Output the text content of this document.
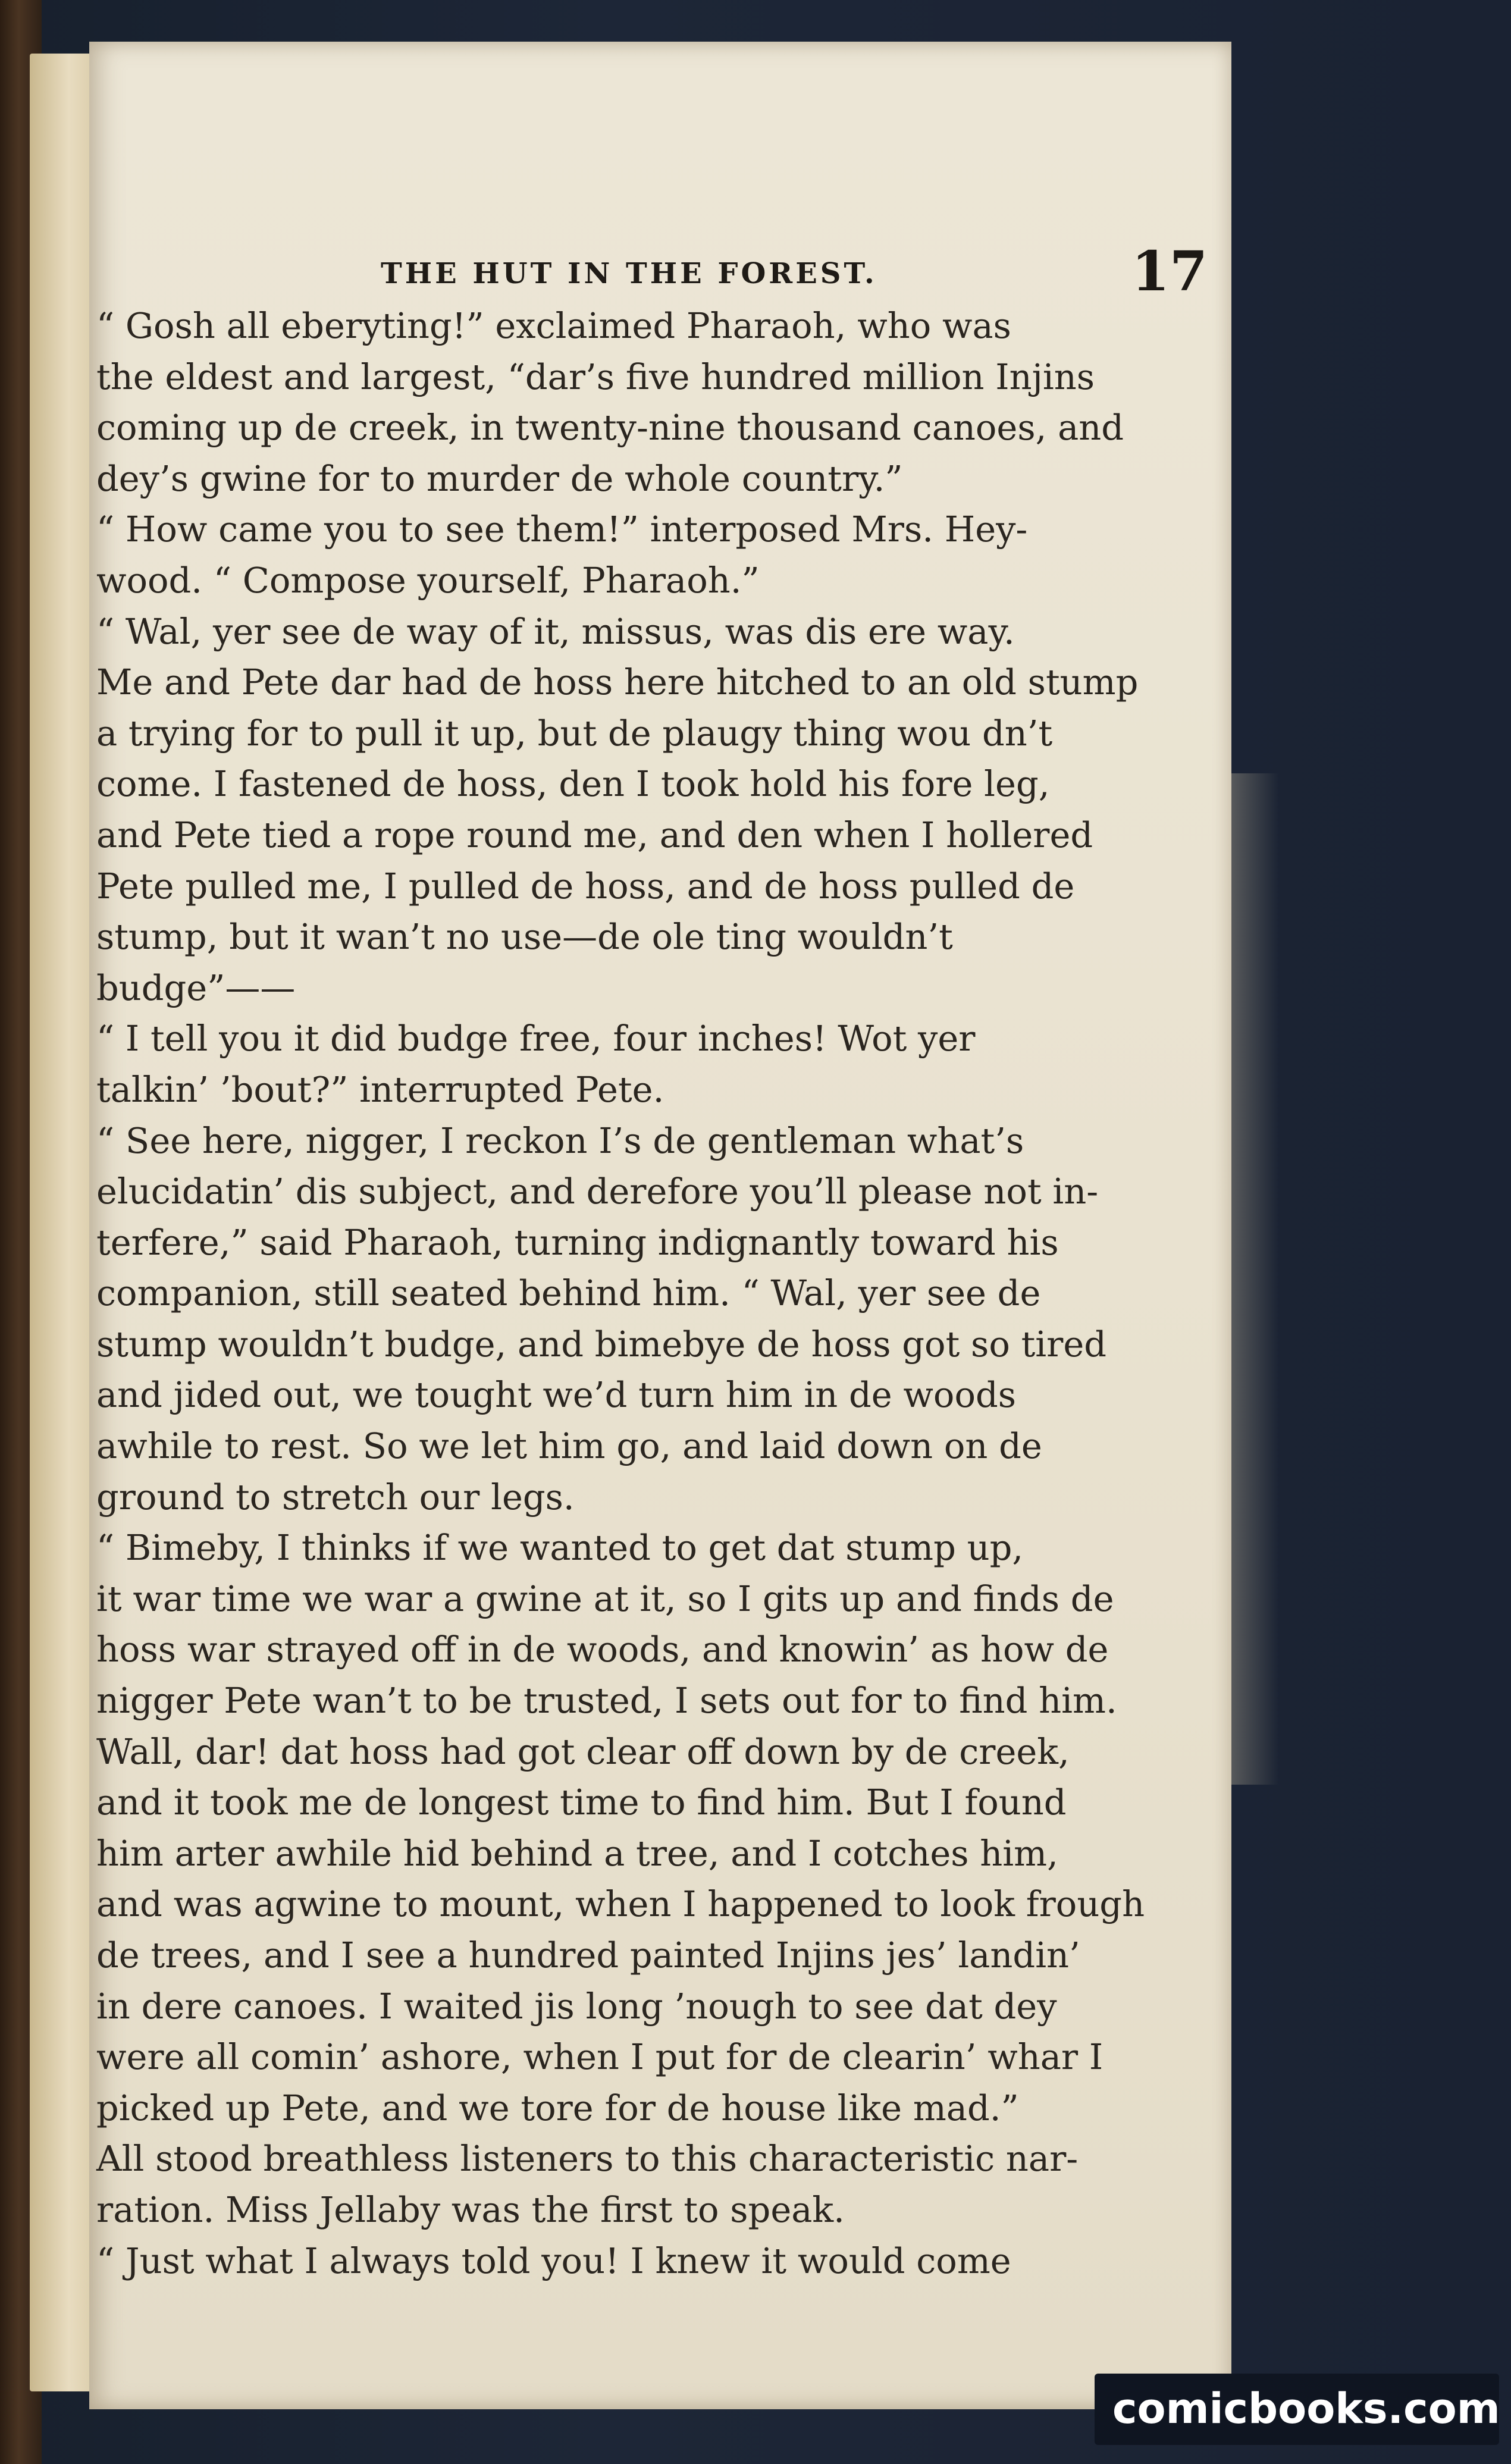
THE HUT IN THE FOREST.	17
“ Gosh all eberyting!” exclaimed Pharaoh, who was
the eldest and largest, “dar’s five hundred million Injins
coming up de creek, in twenty-nine thousand canoes, and
dey’s gwine for to murder de whole country.”
“ How came you to see them!” interposed Mrs. Hey-
wood. “ Compose yourself, Pharaoh.”
“ Wal, yer see de way of it, missus, was dis ere way.
Me and Pete dar had de hoss here hitched to an old stump
a trying for to pull it up, but de plaugy thing wou dn’t
come. I fastened de hoss, den I took hold his fore leg,
and Pete tied a rope round me, and den when I hollered
Pete pulled me, I pulled de hoss, and de hoss pulled de
stump, but it wan’t no use—de ole ting wouldn’t
budge”——
“ I tell you it did budge free, four inches! Wot yer
talkin’ ’bout?” interrupted Pete.
“ See here, nigger, I reckon I’s de gentleman what’s
elucidatin’ dis subject, and derefore you’ll please not in-
terfere,” said Pharaoh, turning indignantly toward his
companion, still seated behind him. “ Wal, yer see de
stump wouldn’t budge, and bimebye de hoss got so tired
and jided out, we tought we’d turn him in de woods
awhile to rest. So we let him go, and laid down on de
ground to stretch our legs.
“ Bimeby, I thinks if we wanted to get dat stump up,
it war time we war a gwine at it, so I gits up and finds de
hoss war strayed off in de woods, and knowin’ as how de
nigger Pete wan’t to be trusted, I sets out for to find him.
Wall, dar! dat hoss had got clear off down by de creek,
and it took me de longest time to find him. But I found
him arter awhile hid behind a tree, and I cotches him,
and was agwine to mount, when I happened to look frough
de trees, and I see a hundred painted Injins jes’ landin’
in dere canoes. I waited jis long ’nough to see dat dey
were all comin’ ashore, when I put for de clearin’ whar I
picked up Pete, and we tore for de house like mad.”
All stood breathless listeners to this characteristic nar-
ration. Miss Jellaby was the first to speak.
“ Just what I always told you! I knew it would come
comicbooks.com
